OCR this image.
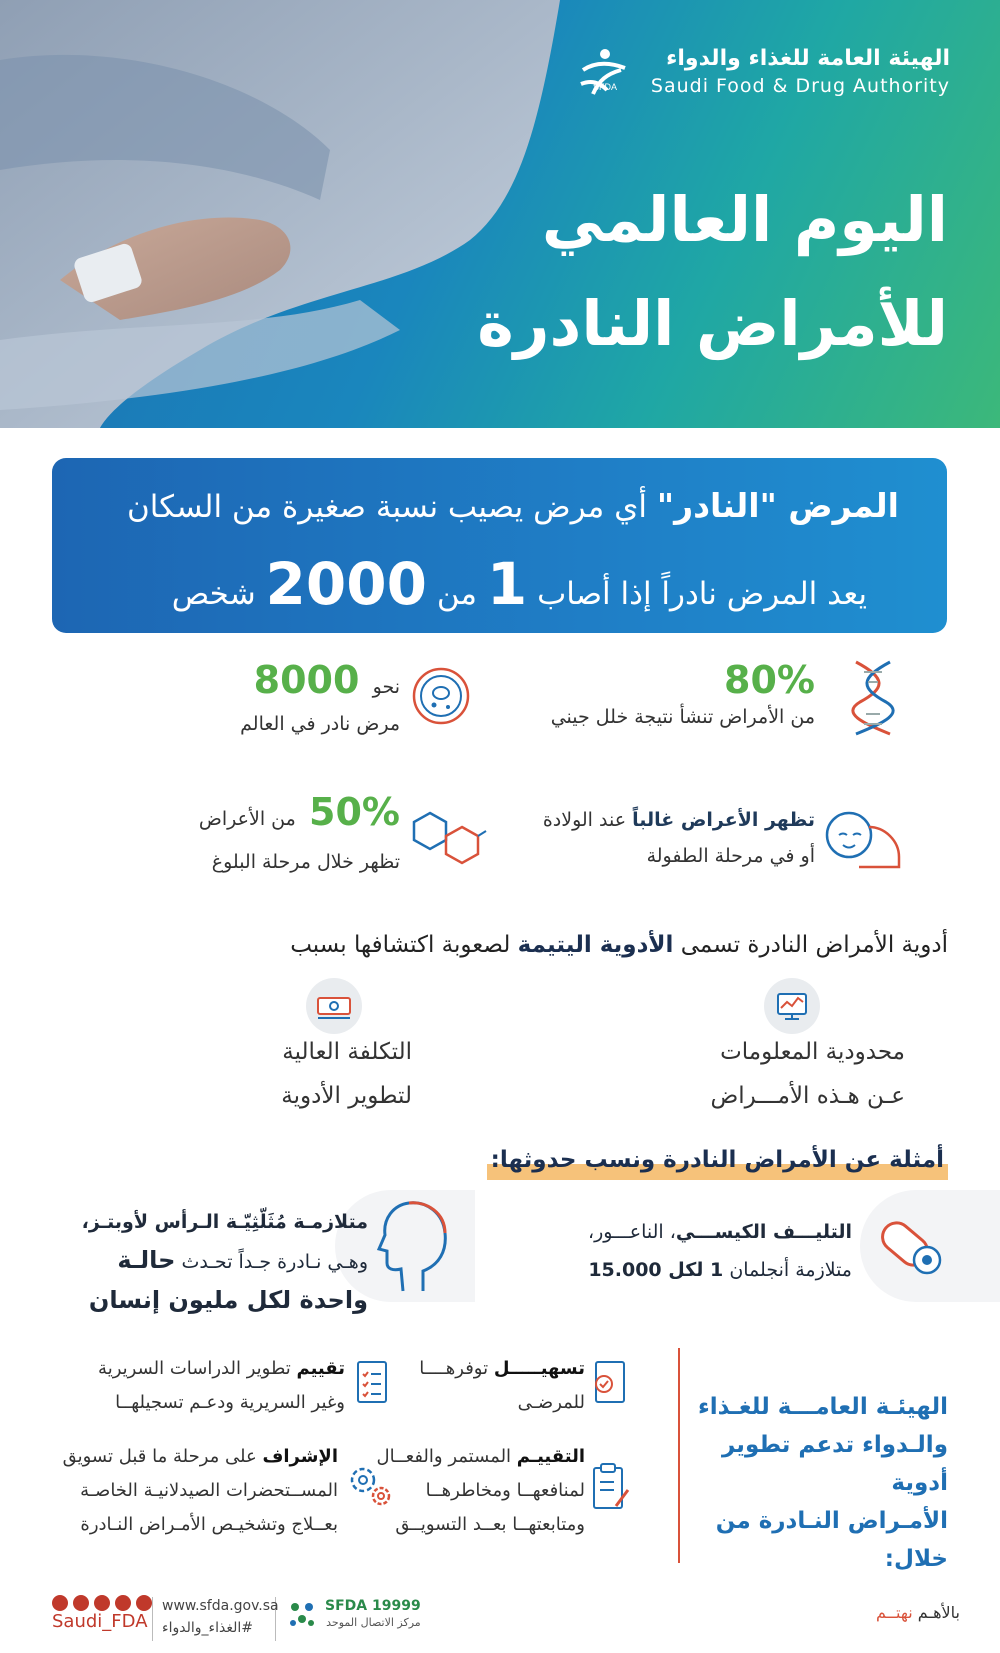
الهيئة العامة للغذاء والدواء
Saudi Food & Drug Authority
SFDA
اليوم العالمي
للأمراض النادرة
المرض "النادر" أي مرض يصيب نسبة صغيرة من السكان
يعد المرض نادراً إذا أصاب 1 من 2000 شخص
80%
من الأمراض تنشأ نتيجة خلل جيني
نحو 8000
مرض نادر في العالم
تظهر الأعراض غالباً عند الولادة
أو في مرحلة الطفولة
50% من الأعراض
تظهر خلال مرحلة البلوغ
أدوية الأمراض النادرة تسمى الأدوية اليتيمة لصعوبة اكتشافها بسبب
محدودية المعلومات
عـن هـذه الأمـــراض
التكلفة العالية
لتطوير الأدوية
أمثلة عن الأمراض النادرة ونسب حدوثها:
التليـــف الكيســـي، الناعـــور،
متلازمة أنجلمان 1 لكل 15.000
متلازمـة مُثَلّثِيّـة الـرأس لأوبتـز،
وهـي نـادرة جـداً تحـدث حالـة
واحدة لكل مليون إنسان
الهيئـة العامـــة للغـذاء
والـدواء تدعم تطوير أدوية
الأمـراض النـادرة من خلال:
تسهيـــــل توفرهــــا
للمرضـى
تقييم تطوير الدراسات السريرية
وغير السريرية ودعـم تسجيلهــا
التقييـم المستمر والفعــال
لمنافعهــا ومخاطرهــا
ومتابعتهــا بعــد التسويــق
الإشراف على مرحلة ما قبل تسويق
المســتحضرات الصيدلانيـة الخاصـة
بعــلاج وتشخيـص الأمـراض النـادرة
بالأهـم نهتــم
SFDA 19999
مركز الاتصال الموحد
www.sfda.gov.sa
#الغذاء_والدواء
Saudi_FDA
